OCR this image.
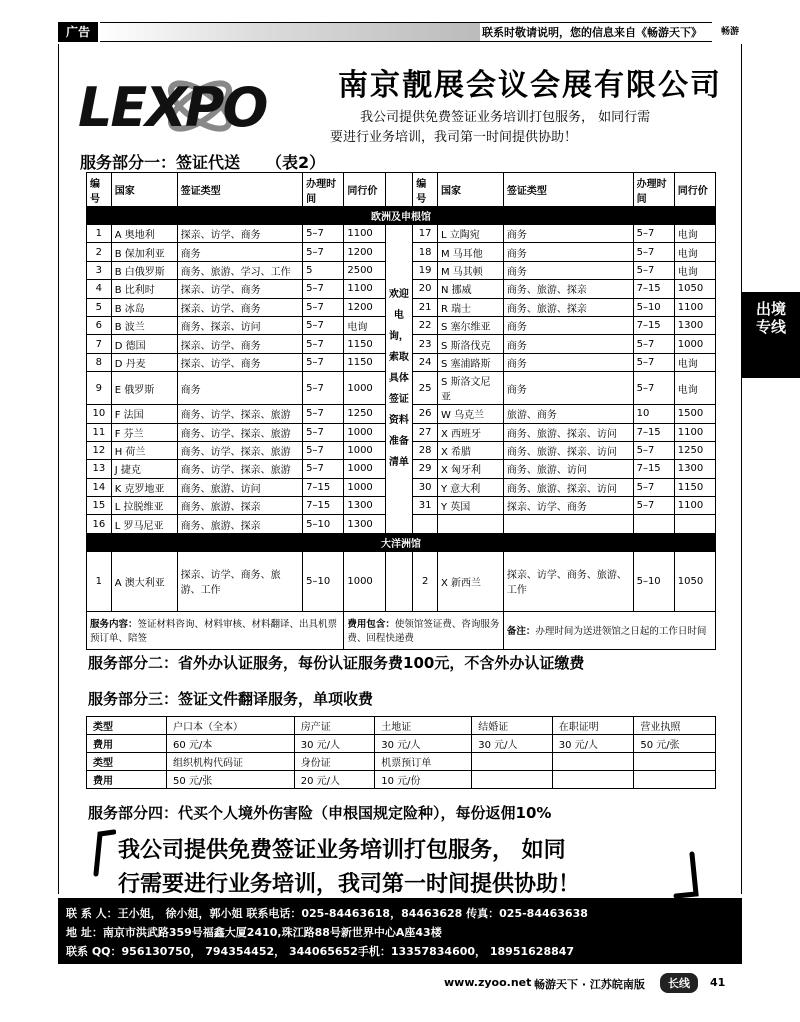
广告	联系时敬请说明，您的信息来自《畅游天下》	畅游
LEXPO 南京靓展会议会展有限公司
我公司提供免费签证业务培训打包服务， 如同行需
要进行业务培训，我司第一时间提供协助！
服务部分一：签证代送 （表2）
编号	国家	签证类型	办理时间	同行价		编号	国家	签证类型	办理时间	同行价
欧洲及申根馆										
1	A 奥地利	探亲、访学、商务	5–7	1100	欢迎电询，索取具体签证资料准备清单	17	L 立陶宛	商务	5–7	电询
2	B 保加利亚	商务	5–7	1200		18	M 马耳他	商务	5–7	电询
3	B 白俄罗斯	商务、旅游、学习、工作	5	2500		19	M 马其顿	商务	5–7	电询
4	B 比利时	探亲、访学、商务	5–7	1100		20	N 挪威	商务、旅游、探亲	7–15	1050
5	B 冰岛	探亲、访学、商务	5–7	1200		21	R 瑞士	商务、旅游、探亲	5–10	1100
6	B 波兰	商务、探亲、访问	5–7	电询		22	S 塞尔维亚	商务	7–15	1300
7	D 德国	探亲、访学、商务	5–7	1150		23	S 斯洛伐克	商务	5–7	1000
8	D 丹麦	探亲、访学、商务	5–7	1150		24	S 塞浦路斯	商务	5–7	电询
9	E 俄罗斯	商务	5–7	1000		25	S 斯洛文尼亚	商务	5–7	电询
10	F 法国	商务、访学、探亲、旅游	5–7	1250		26	W 乌克兰	旅游、商务	10	1500
11	F 芬兰	商务、访学、探亲、旅游	5–7	1000		27	X 西班牙	商务、旅游、探亲、访问	7–15	1100
12	H 荷兰	商务、访学、探亲、旅游	5–7	1000		28	X 希腊	商务、旅游、探亲、访问	5–7	1250
13	J 捷克	商务、访学、探亲、旅游	5–7	1000		29	X 匈牙利	商务、旅游、访问	7–15	1300
14	K 克罗地亚	商务、旅游、访问	7–15	1000		30	Y 意大利	商务、旅游、探亲、访问	5–7	1150
15	L 拉脱维亚	商务、旅游、探亲	7–15	1300		31	Y 英国	探亲、访学、商务	5–7	1100
16	L 罗马尼亚	商务、旅游、探亲	5–10	1300						
大洋洲馆										
1	A 澳大利亚	探亲、访学、商务、旅游、工作	5–10	1000		2	X 新西兰	探亲、访学、商务、旅游、工作	5–10	1050
服务内容：签证材料咨询、材料审核、材料翻译、出具机票预订单、陪签				费用包含：使领馆签证费、咨询服务费、回程快递费				备注：办理时间为送进领馆之日起的工作日时间		
服务部分二：省外办认证服务，每份认证服务费100元，不含外办认证缴费
服务部分三：签证文件翻译服务，单项收费
类型	户口本（全本）	房产证	土地证	结婚证	在职证明	营业执照
费用	60 元/本	30 元/人	30 元/人	30 元/人	30 元/人	50 元/张
类型	组织机构代码证	身份证	机票预订单			
费用	50 元/张	20 元/人	10 元/份			
服务部分四：代买个人境外伤害险（申根国规定险种），每份返佣10%
我公司提供免费签证业务培训打包服务， 如同
行需要进行业务培训，我司第一时间提供协助！
联 系 人：王小姐， 徐小姐，郭小姐 联系电话：025-84463618，84463628 传真：025-84463638
地 址：南京市洪武路359号福鑫大厦2410,珠江路88号新世界中心A座43楼
联系 QQ：956130750， 794354452， 344065652手机：13357834600， 18951628847
www.zyoo.net 畅游天下 · 江苏皖南版	长线	41
出境
专线
